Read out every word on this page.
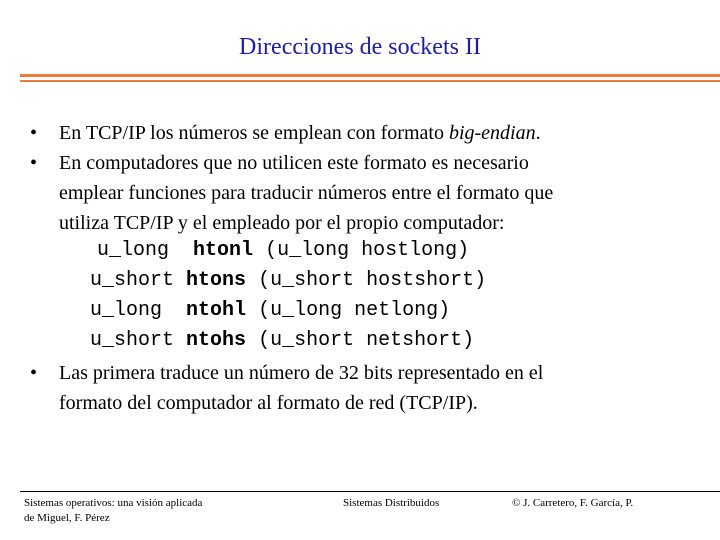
Direcciones de sockets II
•	En TCP/IP los números se emplean con formato big-endian.
•	En computadores que no utilicen este formato es necesario
emplear funciones para traducir números entre el formato que
utiliza TCP/IP y el empleado por el propio computador:
u_long htonl (u_long hostlong)
u_short htons (u_short hostshort)
u_long ntohl (u_long netlong)
u_short ntohs (u_short netshort)
•	Las primera traduce un número de 32 bits representado en el
formato del computador al formato de red (TCP/IP).
Sistemas operativos: una visión aplicada
de Miguel, F. Pérez
Sistemas Distribuidos	© J. Carretero, F. García, P.
